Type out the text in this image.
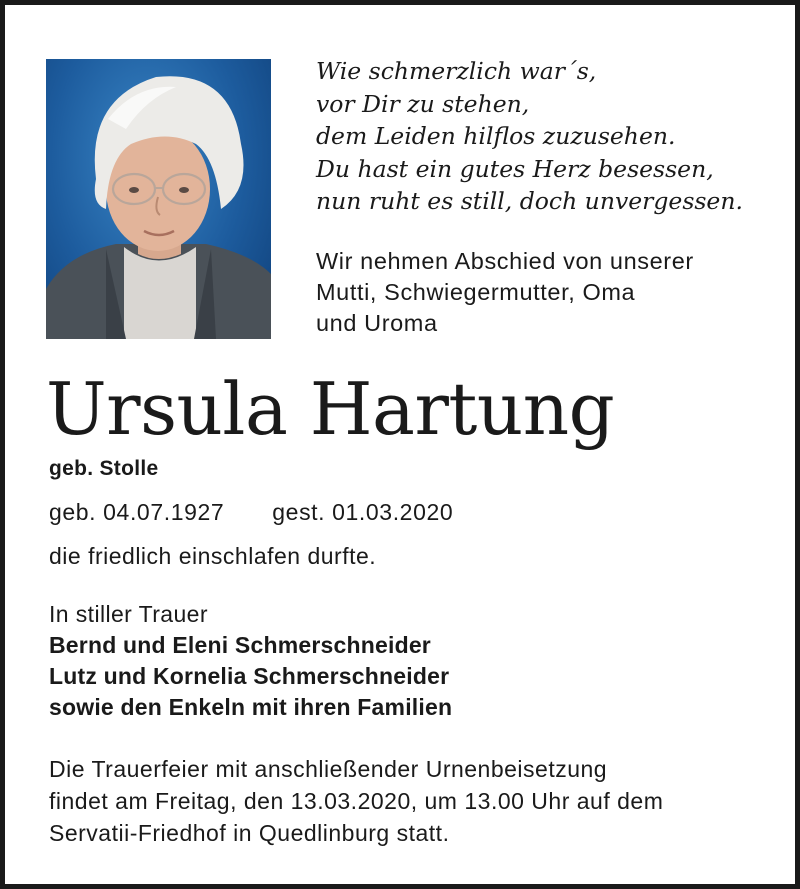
Wie schmerzlich war´s,
vor Dir zu stehen,
dem Leiden hilflos zuzusehen.
Du hast ein gutes Herz besessen,
nun ruht es still, doch unvergessen.
Wir nehmen Abschied von unserer
Mutti, Schwiegermutter, Oma
und Uroma
Ursula Hartung
geb. Stolle
geb. 04.07.1927 gest. 01.03.2020
die friedlich einschlafen durfte.
In stiller Trauer
Bernd und Eleni Schmerschneider
Lutz und Kornelia Schmerschneider
sowie den Enkeln mit ihren Familien
Die Trauerfeier mit anschließender Urnenbeisetzung
findet am Freitag, den 13.03.2020, um 13.00 Uhr auf dem
Servatii-Friedhof in Quedlinburg statt.
